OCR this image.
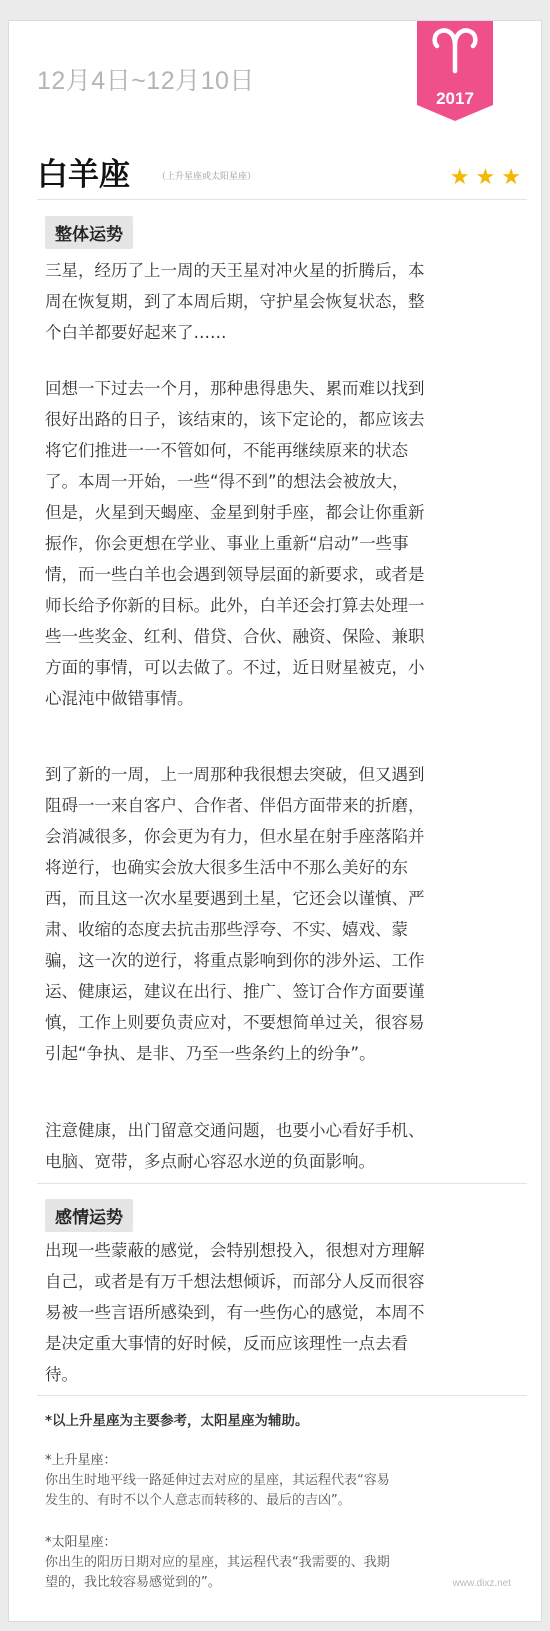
12月4日~12月10日
2017
白羊座	（上升星座或太阳星座）	★★★
整体运势
三星，经历了上一周的天王星对冲火星的折腾后，本
周在恢复期，到了本周后期，守护星会恢复状态，整
个白羊都要好起来了……
回想一下过去一个月，那种患得患失、累而难以找到
很好出路的日子，该结束的，该下定论的，都应该去
将它们推进一一不管如何，不能再继续原来的状态
了。本周一开始，一些“得不到”的想法会被放大，
但是，火星到天蝎座、金星到射手座，都会让你重新
振作，你会更想在学业、事业上重新“启动”一些事
情，而一些白羊也会遇到领导层面的新要求，或者是
师长给予你新的目标。此外，白羊还会打算去处理一
些一些奖金、红利、借贷、合伙、融资、保险、兼职
方面的事情，可以去做了。不过，近日财星被克，小
心混沌中做错事情。
到了新的一周，上一周那种我很想去突破，但又遇到
阻碍一一来自客户、合作者、伴侣方面带来的折磨，
会消减很多，你会更为有力，但水星在射手座落陷并
将逆行，也确实会放大很多生活中不那么美好的东
西，而且这一次水星要遇到土星，它还会以谨慎、严
肃、收缩的态度去抗击那些浮夸、不实、嬉戏、蒙
骗，这一次的逆行，将重点影响到你的涉外运、工作
运、健康运，建议在出行、推广、签订合作方面要谨
慎，工作上则要负责应对，不要想简单过关，很容易
引起“争执、是非、乃至一些条约上的纷争”。
注意健康，出门留意交通问题，也要小心看好手机、
电脑、宽带，多点耐心容忍水逆的负面影响。
感情运势
出现一些蒙蔽的感觉，会特别想投入，很想对方理解
自己，或者是有万千想法想倾诉，而部分人反而很容
易被一些言语所感染到，有一些伤心的感觉，本周不
是决定重大事情的好时候，反而应该理性一点去看
待。
*以上升星座为主要参考，太阳星座为辅助。
*上升星座：
你出生时地平线一路延伸过去对应的星座，其运程代表“容易
发生的、有时不以个人意志而转移的、最后的吉凶”。
*太阳星座：
你出生的阳历日期对应的星座，其运程代表“我需要的、我期
望的，我比较容易感觉到的”。	www.dixz.net
